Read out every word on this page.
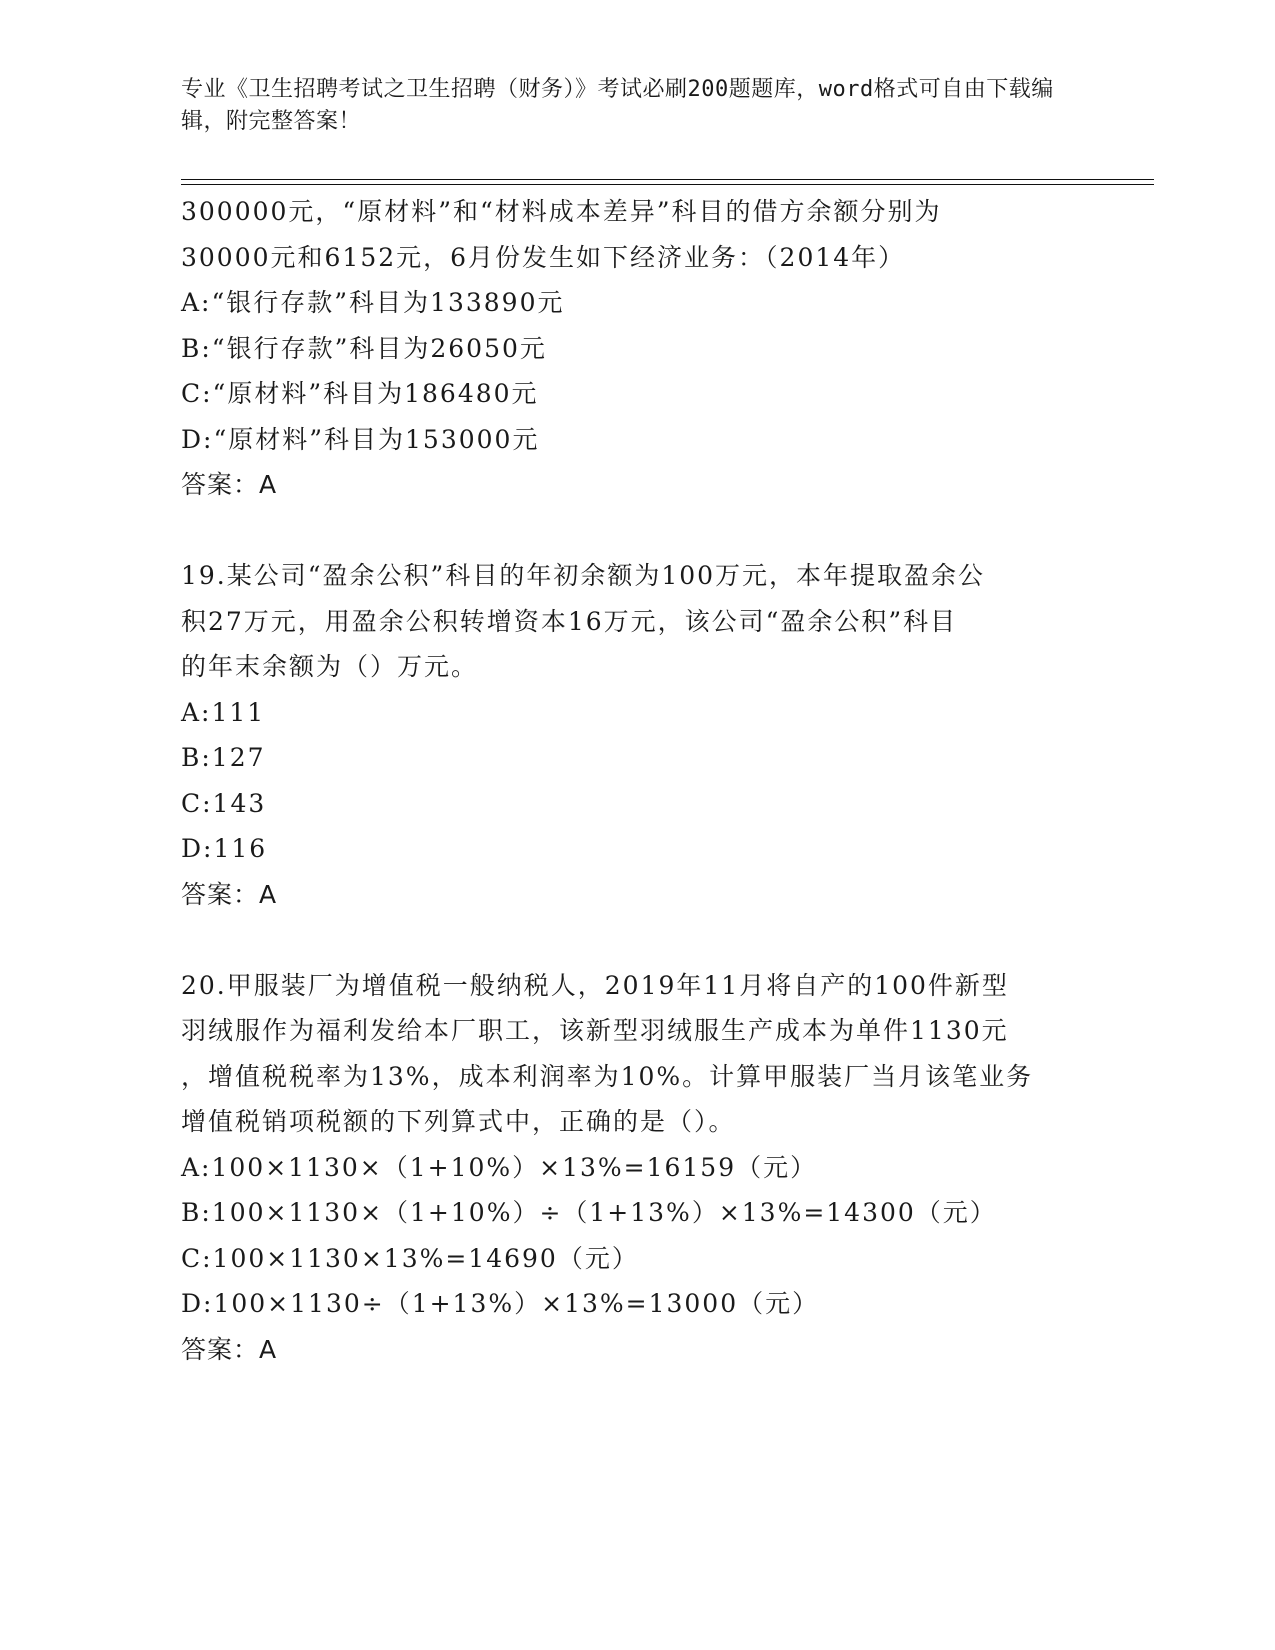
专业《卫生招聘考试之卫生招聘（财务）》考试必刷200题题库，word格式可自由下载编辑，附完整答案！
300000元，“原材料”和“材料成本差异”科目的借方余额分别为
30000元和6152元，6月份发生如下经济业务：（2014年）
A:“银行存款”科目为133890元
B:“银行存款”科目为26050元
C:“原材料”科目为186480元
D:“原材料”科目为153000元
答案：A
19.某公司“盈余公积”科目的年初余额为100万元，本年提取盈余公
积27万元，用盈余公积转增资本16万元，该公司“盈余公积”科目
的年末余额为（）万元。
A:111
B:127
C:143
D:116
答案：A
20.甲服装厂为增值税一般纳税人，2019年11月将自产的100件新型
羽绒服作为福利发给本厂职工，该新型羽绒服生产成本为单件1130元
，增值税税率为13%，成本利润率为10%。计算甲服装厂当月该笔业务
增值税销项税额的下列算式中，正确的是（）。
A:100×1130×（1+10%）×13%=16159（元）
B:100×1130×（1+10%）÷（1+13%）×13%=14300（元）
C:100×1130×13%=14690（元）
D:100×1130÷（1+13%）×13%=13000（元）
答案：A
